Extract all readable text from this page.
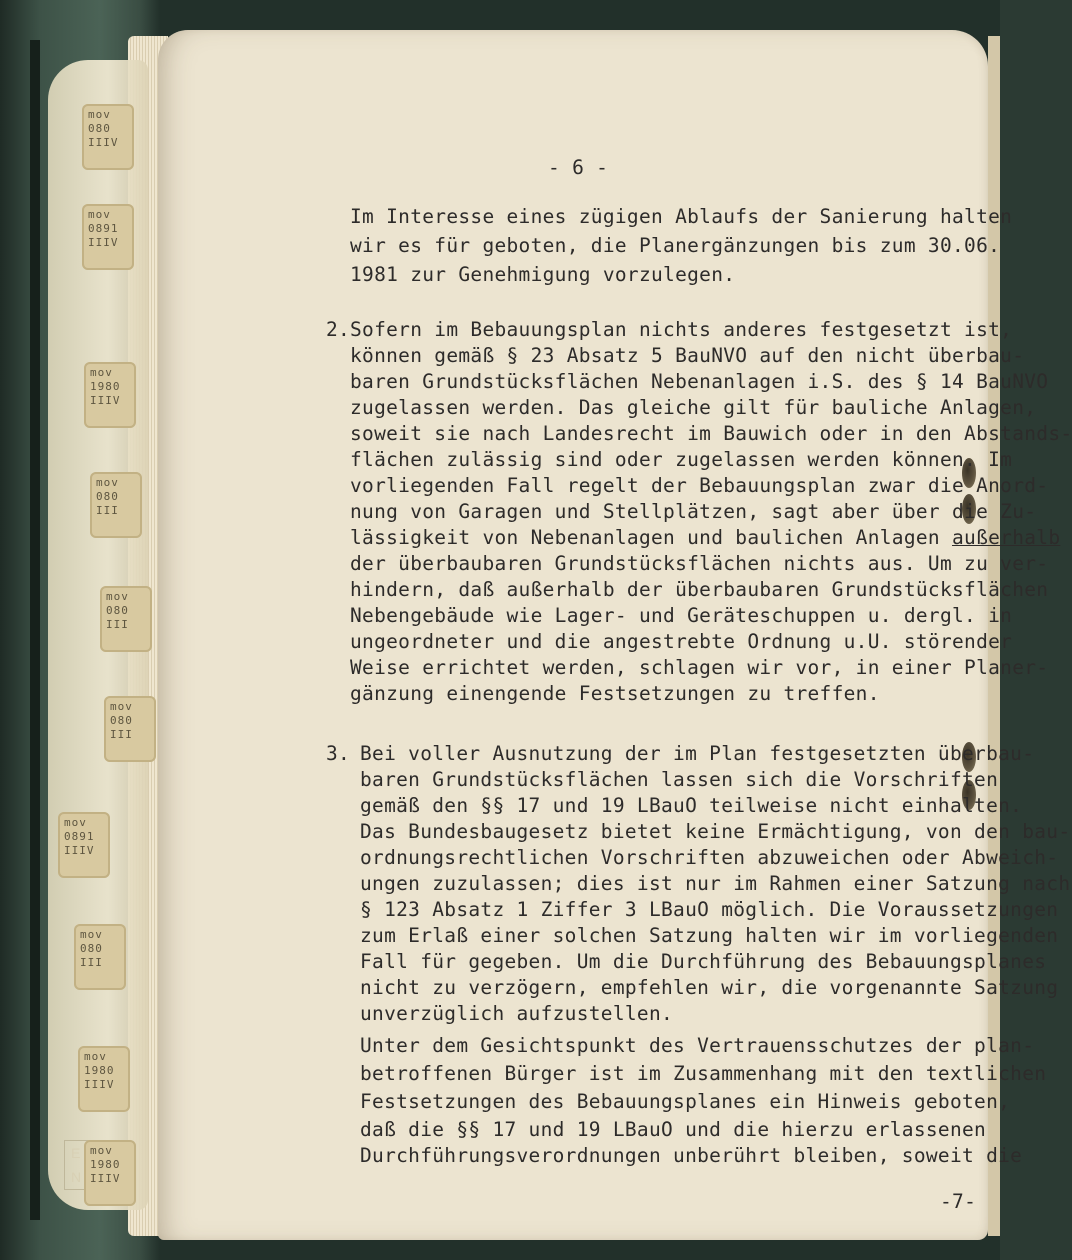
E
N
mov
080
IIIV
mov
0891
IIIV
mov
1980
IIIV
mov
080
III
mov
080
III
mov
080
III
mov
0891
IIIV
mov
080
III
mov
1980
IIIV
mov
1980
IIIV

- 6 -

Im Interesse eines zügigen Ablaufs der Sanierung halten

wir es für geboten, die Planergänzungen bis zum 30.06.

1981 zur Genehmigung vorzulegen.

2. Sofern im Bebauungsplan nichts anderes festgesetzt ist,

können gemäß § 23 Absatz 5 BauNVO auf den nicht überbau-

baren Grundstücksflächen Nebenanlagen i.S. des § 14 BauNVO

zugelassen werden. Das gleiche gilt für bauliche Anlagen,

soweit sie nach Landesrecht im Bauwich oder in den Abstands-

flächen zulässig sind oder zugelassen werden können. Im

vorliegenden Fall regelt der Bebauungsplan zwar die Anord-

nung von Garagen und Stellplätzen, sagt aber über die Zu-

lässigkeit von Nebenanlagen und baulichen Anlagen außerhalb

der überbaubaren Grundstücksflächen nichts aus. Um zu ver-

hindern, daß außerhalb der überbaubaren Grundstücksflächen

Nebengebäude wie Lager- und Geräteschuppen u. dergl. in

ungeordneter und die angestrebte Ordnung u.U. störender

Weise errichtet werden, schlagen wir vor, in einer Planer-

gänzung einengende Festsetzungen zu treffen.

3. Bei voller Ausnutzung der im Plan festgesetzten überbau-

baren Grundstücksflächen lassen sich die Vorschriften

gemäß den §§ 17 und 19 LBauO teilweise nicht einhalten.

Das Bundesbaugesetz bietet keine Ermächtigung, von den bau-

ordnungsrechtlichen Vorschriften abzuweichen oder Abweich-

ungen zuzulassen; dies ist nur im Rahmen einer Satzung nach

§ 123 Absatz 1 Ziffer 3 LBauO möglich. Die Voraussetzungen

zum Erlaß einer solchen Satzung halten wir im vorliegenden

Fall für gegeben. Um die Durchführung des Bebauungsplanes

nicht zu verzögern, empfehlen wir, die vorgenannte Satzung

unverzüglich aufzustellen.

Unter dem Gesichtspunkt des Vertrauensschutzes der plan-

betroffenen Bürger ist im Zusammenhang mit den textlichen

Festsetzungen des Bebauungsplanes ein Hinweis geboten,

daß die §§ 17 und 19 LBauO und die hierzu erlassenen

Durchführungsverordnungen unberührt bleiben, soweit die

-7-
